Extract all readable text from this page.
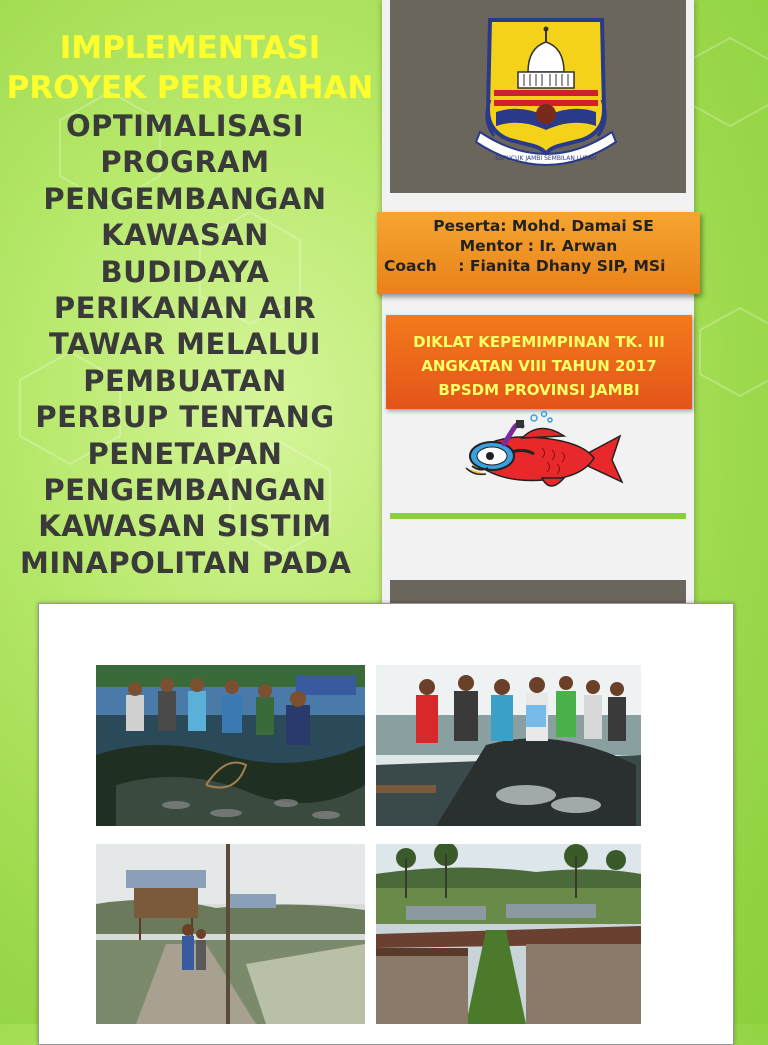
IMPLEMENTASI
PROYEK PERUBAHAN
OPTIMALISASI
PROGRAM
PENGEMBANGAN
KAWASAN
BUDIDAYA
PERIKANAN AIR
TAWAR MELALUI
PEMBUATAN
PERBUP TENTANG
PENETAPAN
PENGEMBANGAN
KAWASAN SISTIM
MINAPOLITAN PADA
SEPUCUK JAMBI SEMBILAN LURAH
Peserta: Mohd. Damai SE
Mentor : Ir. Arwan
Coach    : Fianita Dhany SIP, MSi
DIKLAT KEPEMIMPINAN TK. III
ANGKATAN VIII TAHUN 2017
BPSDM PROVINSI JAMBI
